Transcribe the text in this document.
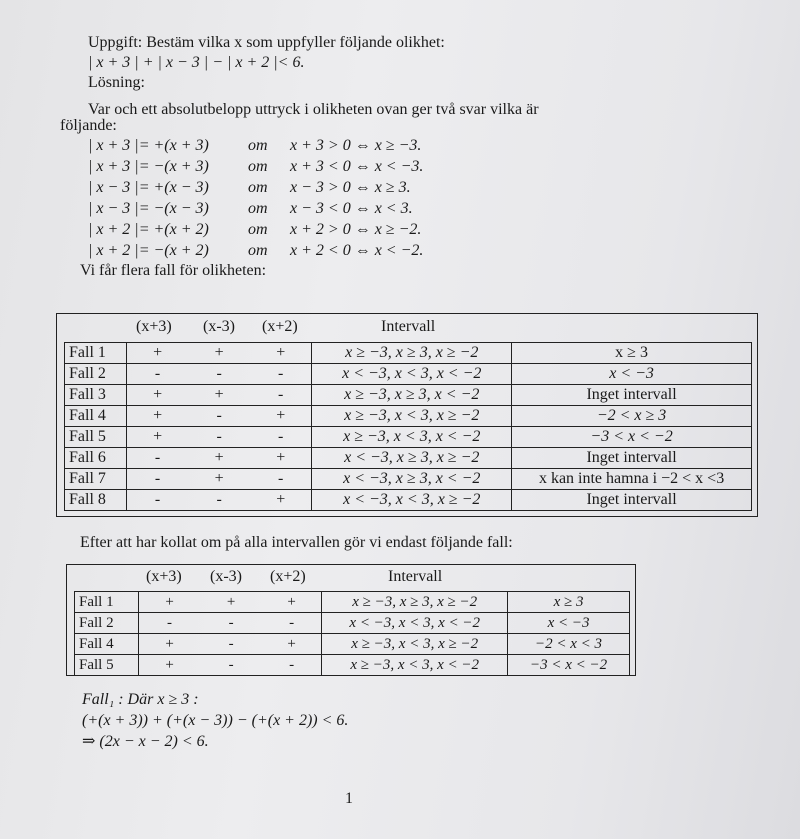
Uppgift: Bestäm vilka x som uppfyller följande olikhet:
| x + 3 | + | x − 3 | − | x + 2 |< 6.
Lösning:
Var och ett absolutbelopp uttryck i olikheten ovan ger två svar vilka är
följande:
| x + 3 |= +(x + 3) om x + 3 > 0 ⇔ x ≥ −3.
| x + 3 |= −(x + 3) om x + 3 < 0 ⇔ x < −3.
| x − 3 |= +(x − 3) om x − 3 > 0 ⇔ x ≥ 3.
| x − 3 |= −(x − 3) om x − 3 < 0 ⇔ x < 3.
| x + 2 |= +(x + 2) om x + 2 > 0 ⇔ x ≥ −2.
| x + 2 |= −(x + 2) om x + 2 < 0 ⇔ x < −2.
Vi får flera fall för olikheten:
(x+3) (x-3) (x+2)	Intervall
Fall 1	+	+	+	x ≥ −3, x ≥ 3, x ≥ −2	x ≥ 3
Fall 2	-	-	-	x < −3, x < 3, x < −2	x < −3
Fall 3	+	+	-	x ≥ −3, x ≥ 3, x < −2	Inget intervall
Fall 4	+	-	+	x ≥ −3, x < 3, x ≥ −2	−2 < x ≥ 3
Fall 5	+	-	-	x ≥ −3, x < 3, x < −2	−3 < x < −2
Fall 6	-	+	+	x < −3, x ≥ 3, x ≥ −2	Inget intervall
Fall 7	-	+	-	x < −3, x ≥ 3, x < −2	x kan inte hamna i −2 < x <3
Fall 8	-	-	+	x < −3, x < 3, x ≥ −2	Inget intervall
Efter att har kollat om på alla intervallen gör vi endast följande fall:
(x+3) (x-3) (x+2)	Intervall
Fall 1	+	+	+	x ≥ −3, x ≥ 3, x ≥ −2	x ≥ 3
Fall 2	-	-	-	x < −3, x < 3, x < −2	x < −3
Fall 4	+	-	+	x ≥ −3, x < 3, x ≥ −2	−2 < x < 3
Fall 5	+	-	-	x ≥ −3, x < 3, x < −2	−3 < x < −2
Fall₁ : Där x ≥ 3 :
(+(x + 3)) + (+(x − 3)) − (+(x + 2)) < 6.
⇒ (2x − x − 2) < 6.
1
